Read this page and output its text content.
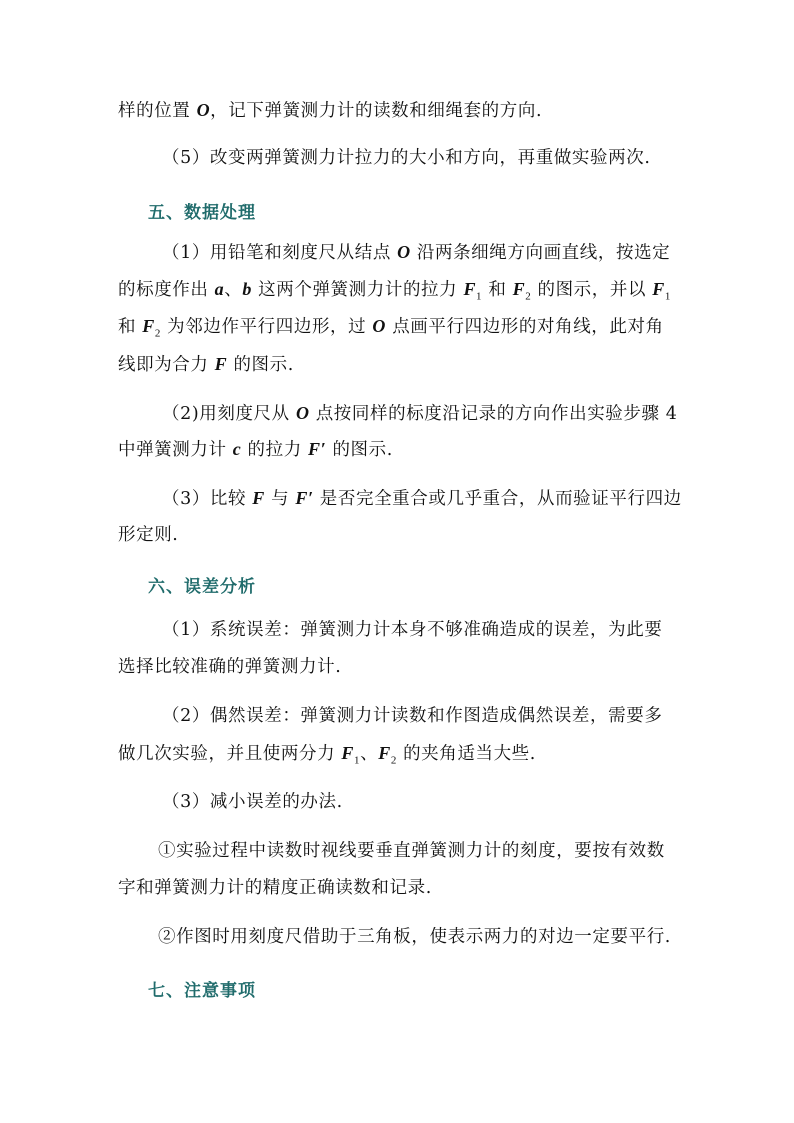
样的位置 O，记下弹簧测力计的读数和细绳套的方向.
（5）改变两弹簧测力计拉力的大小和方向，再重做实验两次.
五、数据处理
（1）用铅笔和刻度尺从结点 O 沿两条细绳方向画直线，按选定
的标度作出 a、b 这两个弹簧测力计的拉力 $F_1$ 和 $F_2$ 的图示，并以 $F_1$
和 $F_2$ 为邻边作平行四边形，过 O 点画平行四边形的对角线，此对角
线即为合力 F 的图示.
（2)用刻度尺从 O 点按同样的标度沿记录的方向作出实验步骤 4
中弹簧测力计 c 的拉力 F′ 的图示.
（3）比较 F 与 F′ 是否完全重合或几乎重合，从而验证平行四边
形定则.
六、误差分析
（1）系统误差：弹簧测力计本身不够准确造成的误差，为此要
选择比较准确的弹簧测力计.
（2）偶然误差：弹簧测力计读数和作图造成偶然误差，需要多
做几次实验，并且使两分力 $F_1$、$F_2$ 的夹角适当大些.
（3）减小误差的办法.
①实验过程中读数时视线要垂直弹簧测力计的刻度，要按有效数
字和弹簧测力计的精度正确读数和记录.
②作图时用刻度尺借助于三角板，使表示两力的对边一定要平行.
七、注意事项
